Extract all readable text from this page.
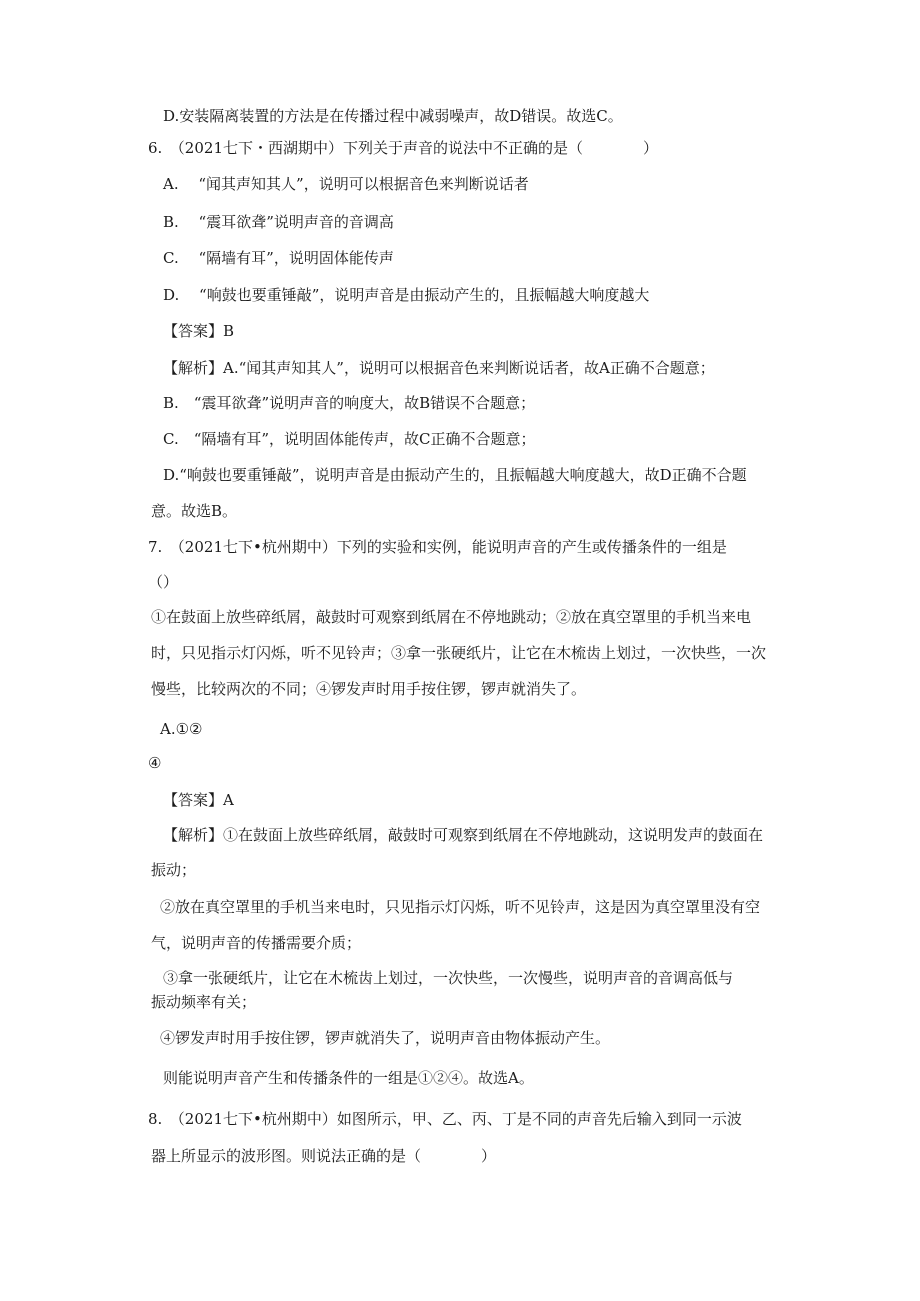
D.安装隔离装置的方法是在传播过程中减弱噪声，故D错误。故选C。
6.　（2021七下・西湖期中）下列关于声音的说法中不正确的是（　　　　）
A.　 “闻其声知其人”，说明可以根据音色来判断说话者
B.　 “震耳欲聋”说明声音的音调高
C.　 “隔墙有耳”，说明固体能传声
D.　 “响鼓也要重锤敲”，说明声音是由振动产生的，且振幅越大响度越大
【答案】B
【解析】A.“闻其声知其人”，说明可以根据音色来判断说话者，故A正确不合题意；
B.　“震耳欲聋”说明声音的响度大，故B错误不合题意；
C.　“隔墙有耳”，说明固体能传声，故C正确不合题意；
D.“响鼓也要重锤敲”，说明声音是由振动产生的，且振幅越大响度越大，故D正确不合题
意。故选B。
7.　（2021七下•杭州期中）下列的实验和实例，能说明声音的产生或传播条件的一组是
（）
①在鼓面上放些碎纸屑，敲鼓时可观察到纸屑在不停地跳动；②放在真空罩里的手机当来电
时，只见指示灯闪烁，听不见铃声；③拿一张硬纸片，让它在木梳齿上划过，一次快些，一次
慢些，比较两次的不同；④锣发声时用手按住锣，锣声就消失了。
A.①②
④
【答案】A
【解析】①在鼓面上放些碎纸屑，敲鼓时可观察到纸屑在不停地跳动，这说明发声的鼓面在
振动；
②放在真空罩里的手机当来电时，只见指示灯闪烁，听不见铃声，这是因为真空罩里没有空
气，说明声音的传播需要介质；
③拿一张硬纸片，让它在木梳齿上划过，一次快些，一次慢些，说明声音的音调高低与
振动频率有关；
④锣发声时用手按住锣，锣声就消失了，说明声音由物体振动产生。
则能说明声音产生和传播条件的一组是①②④。故选A。
8.　（2021七下•杭州期中）如图所示，甲、乙、丙、丁是不同的声音先后输入到同一示波
器上所显示的波形图。则说法正确的是（　　　　）
